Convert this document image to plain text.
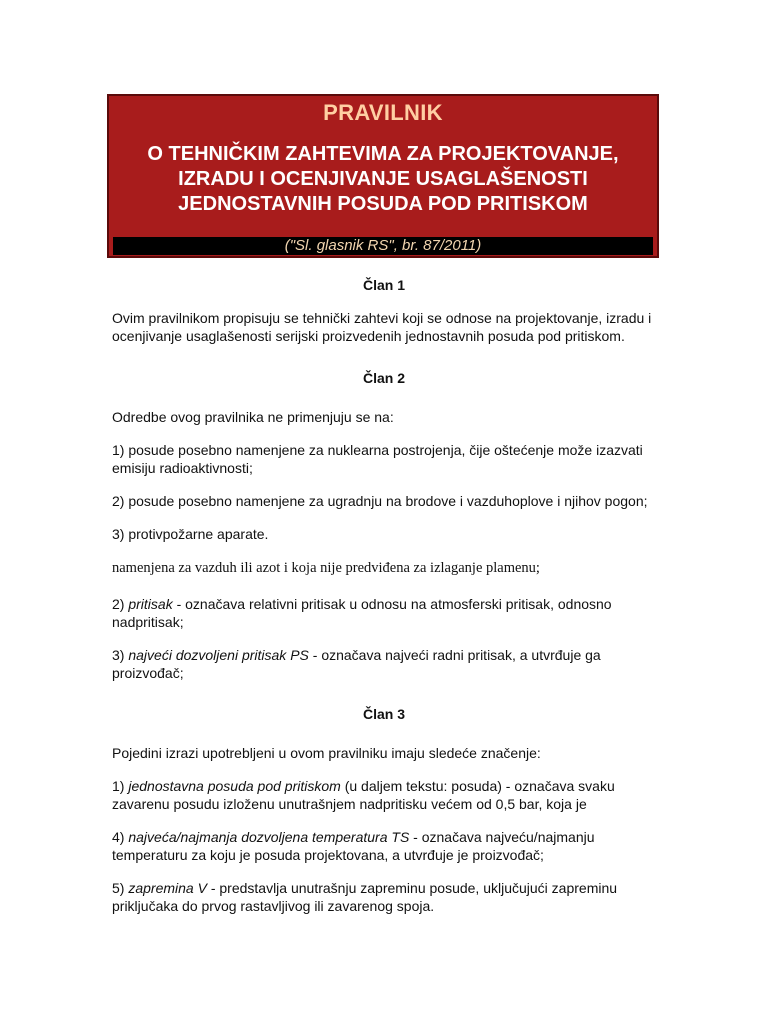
PRAVILNIK
O TEHNIČKIM ZAHTEVIMA ZA PROJEKTOVANJE, IZRADU I OCENJIVANJE USAGLAŠENOSTI JEDNOSTAVNIH POSUDA POD PRITISKOM
("Sl. glasnik RS", br. 87/2011)

Član 1

Ovim pravilnikom propisuju se tehnički zahtevi koji se odnose na projektovanje, izradu i ocenjivanje usaglašenosti serijski proizvedenih jednostavnih posuda pod pritiskom.

Član 2

Odredbe ovog pravilnika ne primenjuju se na:

1) posude posebno namenjene za nuklearna postrojenja, čije oštećenje može izazvati emisiju radioaktivnosti;

2) posude posebno namenjene za ugradnju na brodove i vazduhoplove i njihov pogon;

3) protivpožarne aparate.

namenjena za vazduh ili azot i koja nije predviđena za izlaganje plamenu;

2) pritisak - označava relativni pritisak u odnosu na atmosferski pritisak, odnosno nadpritisak;

3) najveći dozvoljeni pritisak PS - označava najveći radni pritisak, a utvrđuje ga proizvođač;

Član 3

Pojedini izrazi upotrebljeni u ovom pravilniku imaju sledeće značenje:

1) jednostavna posuda pod pritiskom (u daljem tekstu: posuda) - označava svaku zavarenu posudu izloženu unutrašnjem nadpritisku većem od 0,5 bar, koja je

4) najveća/najmanja dozvoljena temperatura TS - označava najveću/najmanju temperaturu za koju je posuda projektovana, a utvrđuje je proizvođač;

5) zapremina V - predstavlja unutrašnju zapreminu posude, uključujući zapreminu priključaka do prvog rastavljivog ili zavarenog spoja.
